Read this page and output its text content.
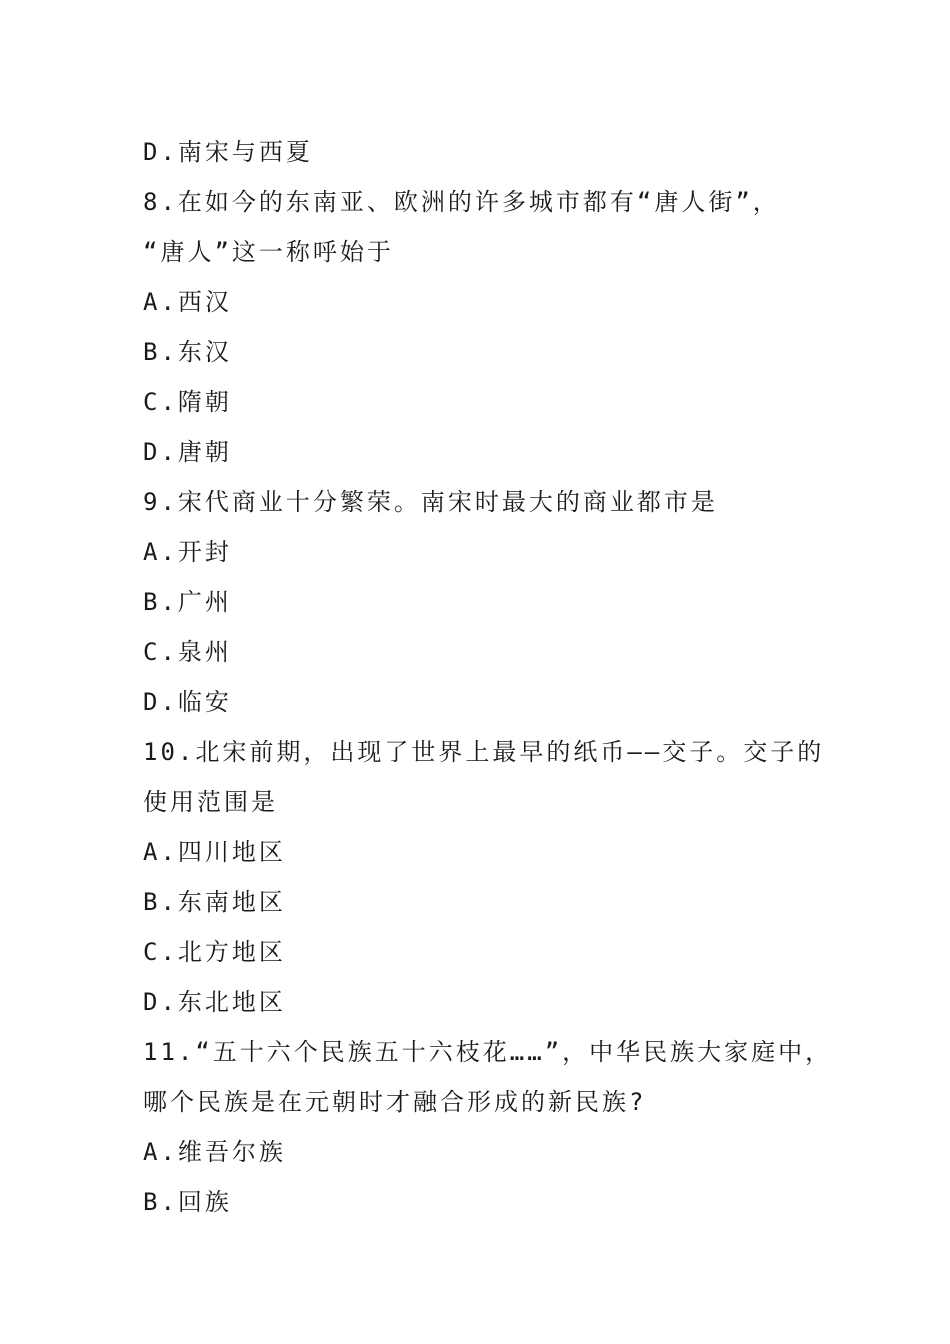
D.南宋与西夏
8.在如今的东南亚、欧洲的许多城市都有“唐人街”，
“唐人”这一称呼始于
A.西汉
B.东汉
C.隋朝
D.唐朝
9.宋代商业十分繁荣。南宋时最大的商业都市是
A.开封
B.广州
C.泉州
D.临安
10.北宋前期，出现了世界上最早的纸币——交子。交子的
使用范围是
A.四川地区
B.东南地区
C.北方地区
D.东北地区
11.“五十六个民族五十六枝花……”，中华民族大家庭中，
哪个民族是在元朝时才融合形成的新民族?
A.维吾尔族
B.回族
